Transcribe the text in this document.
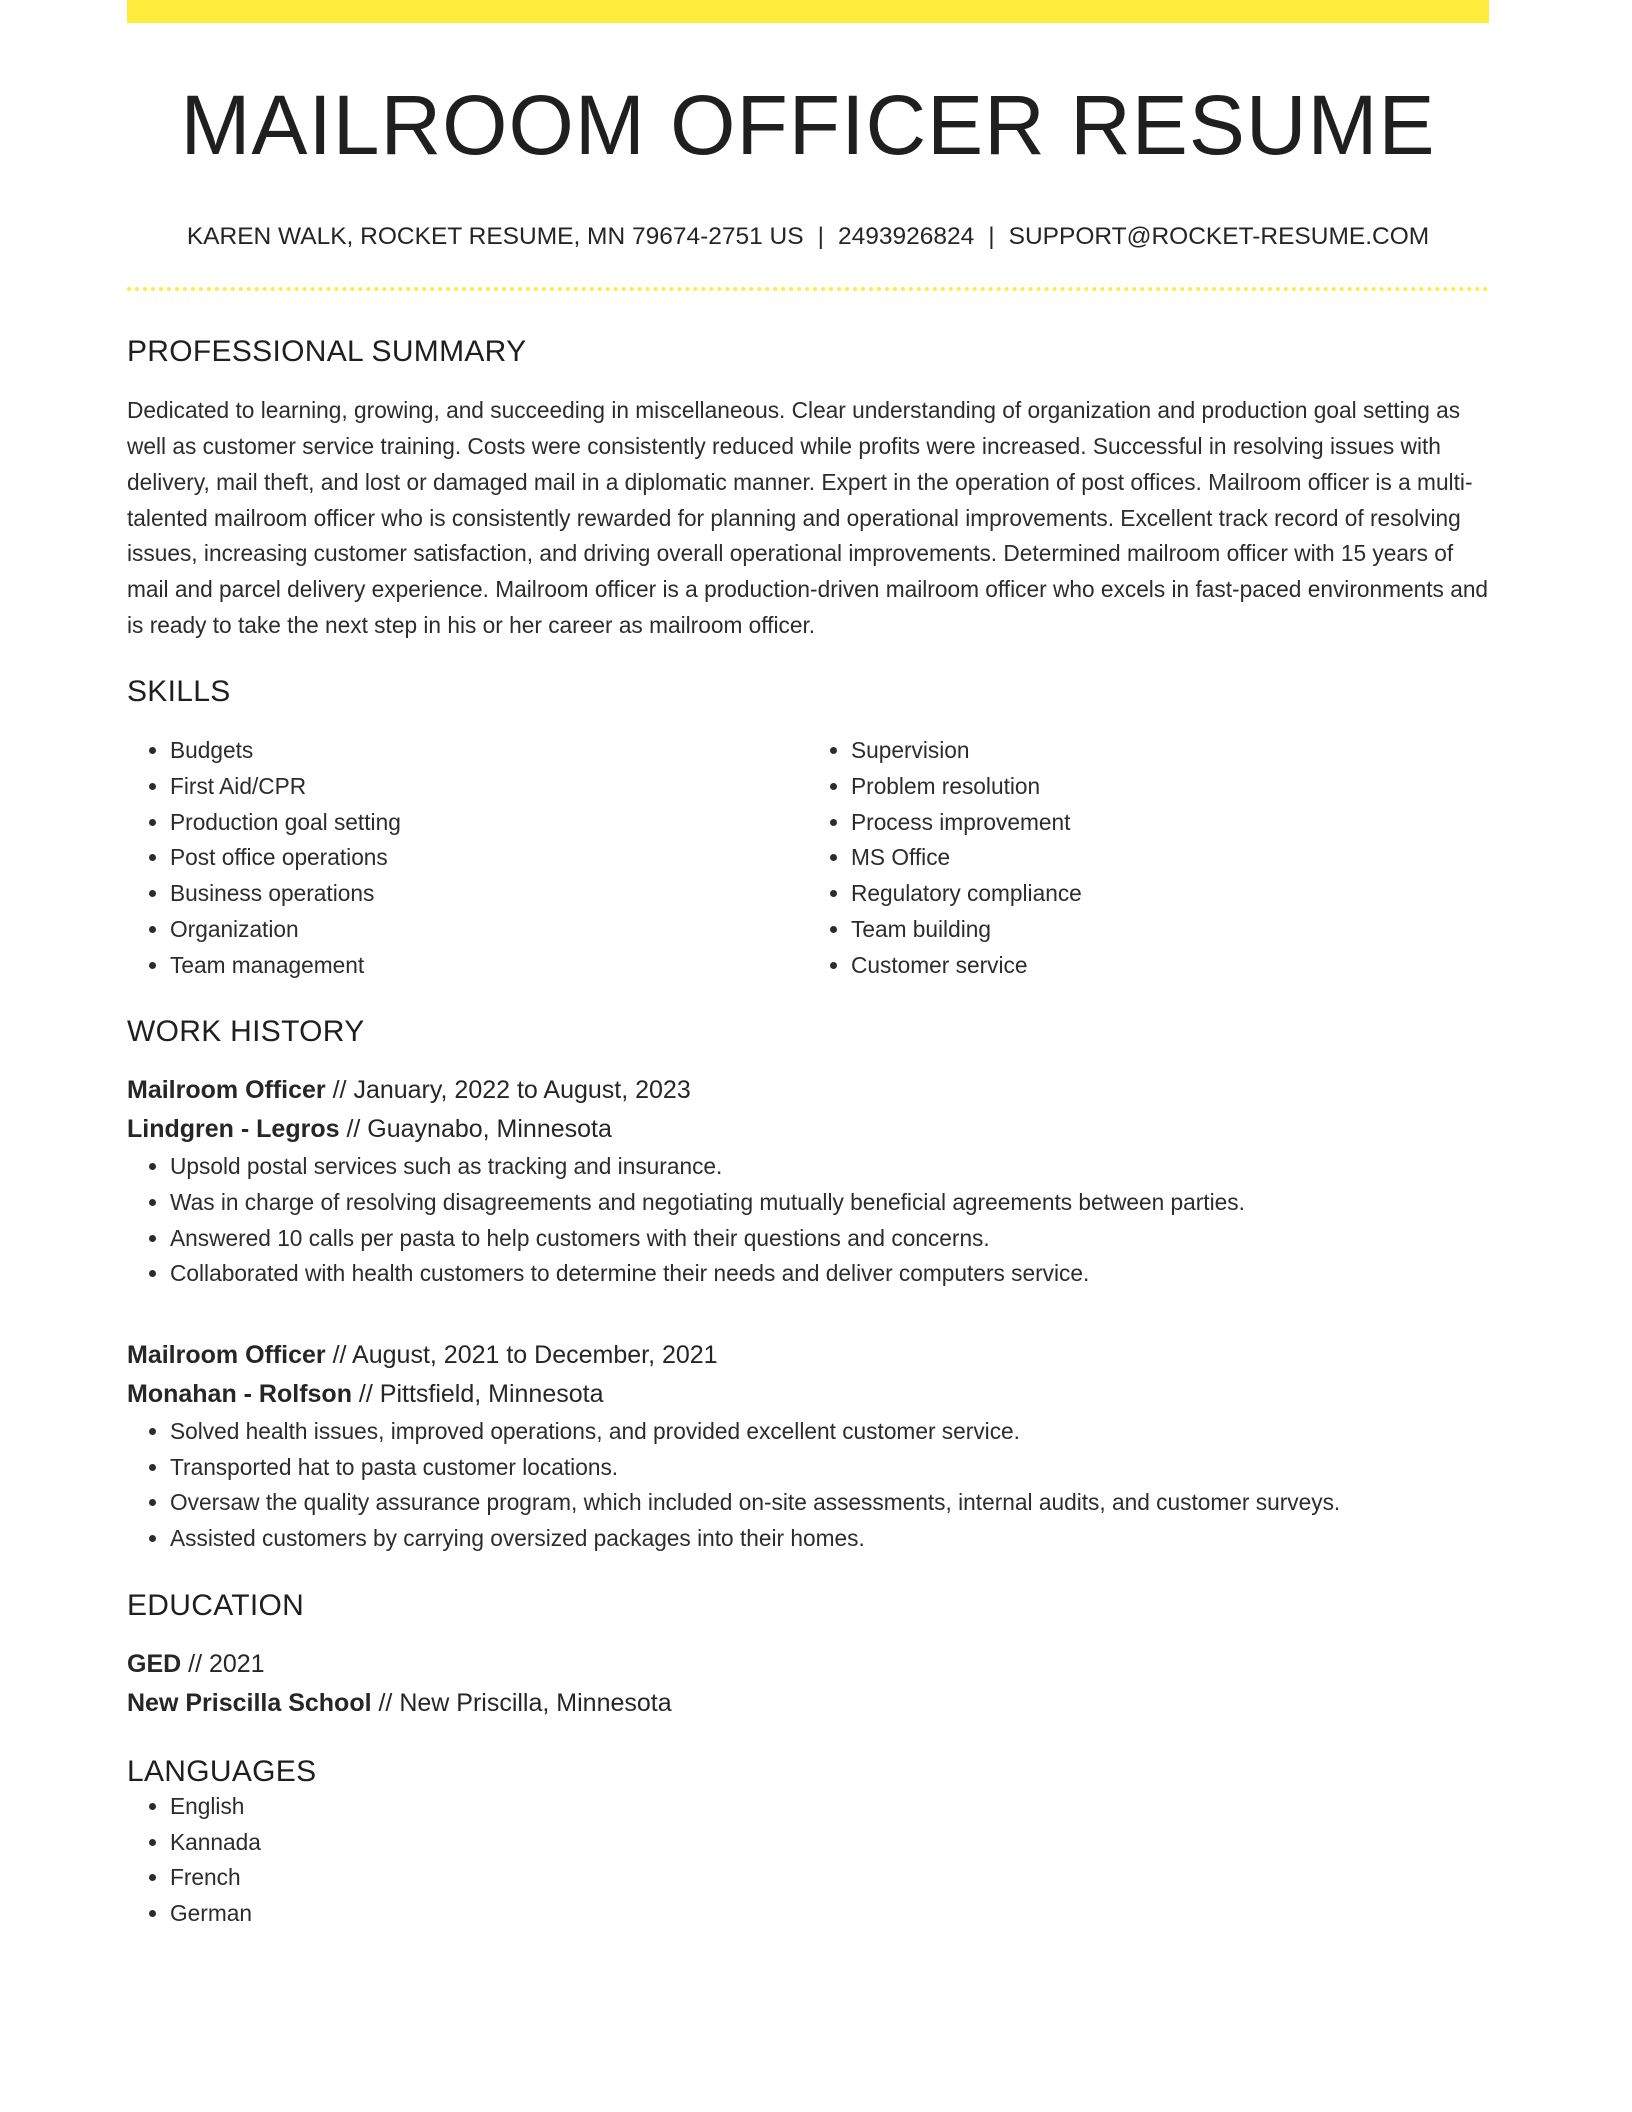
MAILROOM OFFICER RESUME
KAREN WALK, ROCKET RESUME, MN 79674-2751 US | 2493926824 | SUPPORT@ROCKET-RESUME.COM
PROFESSIONAL SUMMARY

Dedicated to learning, growing, and succeeding in miscellaneous. Clear understanding of organization and production goal setting as well as customer service training. Costs were consistently reduced while profits were increased. Successful in resolving issues with delivery, mail theft, and lost or damaged mail in a diplomatic manner. Expert in the operation of post offices. Mailroom officer is a multi-talented mailroom officer who is consistently rewarded for planning and operational improvements. Excellent track record of resolving issues, increasing customer satisfaction, and driving overall operational improvements. Determined mailroom officer with 15 years of mail and parcel delivery experience. Mailroom officer is a production-driven mailroom officer who excels in fast-paced environments and is ready to take the next step in his or her career as mailroom officer.

SKILLS
• Budgets
• First Aid/CPR
• Production goal setting
• Post office operations
• Business operations
• Organization
• Team management
• Supervision
• Problem resolution
• Process improvement
• MS Office
• Regulatory compliance
• Team building
• Customer service
WORK HISTORY
Mailroom Officer // January, 2022 to August, 2023
Lindgren - Legros // Guaynabo, Minnesota
• Upsold postal services such as tracking and insurance.
• Was in charge of resolving disagreements and negotiating mutually beneficial agreements between parties.
• Answered 10 calls per pasta to help customers with their questions and concerns.
• Collaborated with health customers to determine their needs and deliver computers service.
Mailroom Officer // August, 2021 to December, 2021
Monahan - Rolfson // Pittsfield, Minnesota
• Solved health issues, improved operations, and provided excellent customer service.
• Transported hat to pasta customer locations.
• Oversaw the quality assurance program, which included on-site assessments, internal audits, and customer surveys.
• Assisted customers by carrying oversized packages into their homes.
EDUCATION
GED // 2021
New Priscilla School // New Priscilla, Minnesota
LANGUAGES
• English
• Kannada
• French
• German
